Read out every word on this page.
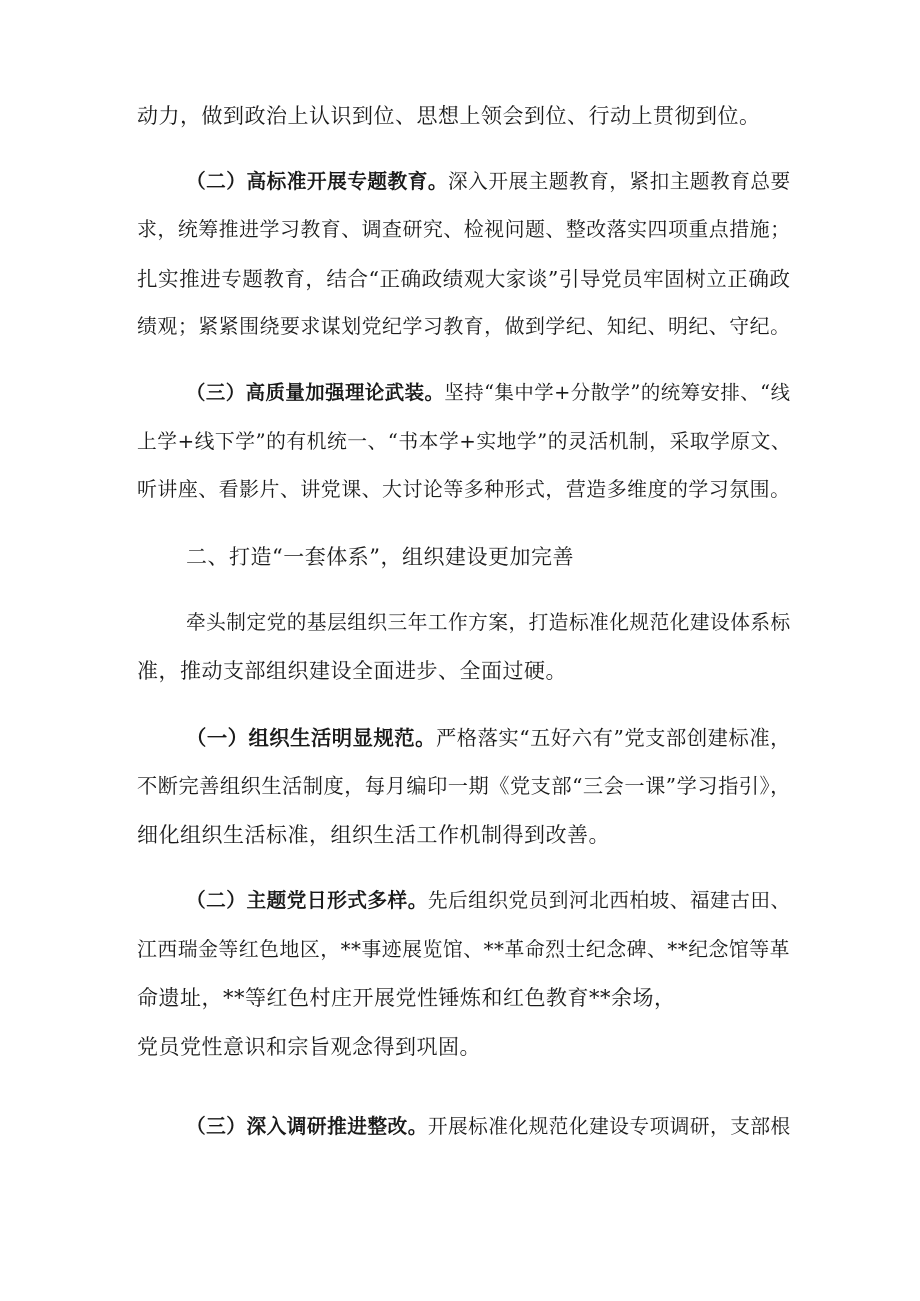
动力，做到政治上认识到位、思想上领会到位、行动上贯彻到位。

（二）高标准开展专题教育。深入开展主题教育，紧扣主题教育总要

求，统筹推进学习教育、调查研究、检视问题、整改落实四项重点措施；

扎实推进专题教育，结合“正确政绩观大家谈”引导党员牢固树立正确政

绩观；紧紧围绕要求谋划党纪学习教育，做到学纪、知纪、明纪、守纪。

（三）高质量加强理论武装。坚持“集中学+分散学”的统筹安排、“线

上学+线下学”的有机统一、“书本学+实地学”的灵活机制，采取学原文、

听讲座、看影片、讲党课、大讨论等多种形式，营造多维度的学习氛围。

二、打造“一套体系”，组织建设更加完善

牵头制定党的基层组织三年工作方案，打造标准化规范化建设体系标

准，推动支部组织建设全面进步、全面过硬。

（一）组织生活明显规范。严格落实“五好六有”党支部创建标准，

不断完善组织生活制度，每月编印一期《党支部“三会一课”学习指引》，

细化组织生活标准，组织生活工作机制得到改善。

（二）主题党日形式多样。先后组织党员到河北西柏坡、福建古田、

江西瑞金等红色地区，**事迹展览馆、**革命烈士纪念碑、**纪念馆等革

命遗址，**等红色村庄开展党性锤炼和红色教育**余场，

党员党性意识和宗旨观念得到巩固。

（三）深入调研推进整改。开展标准化规范化建设专项调研，支部根
